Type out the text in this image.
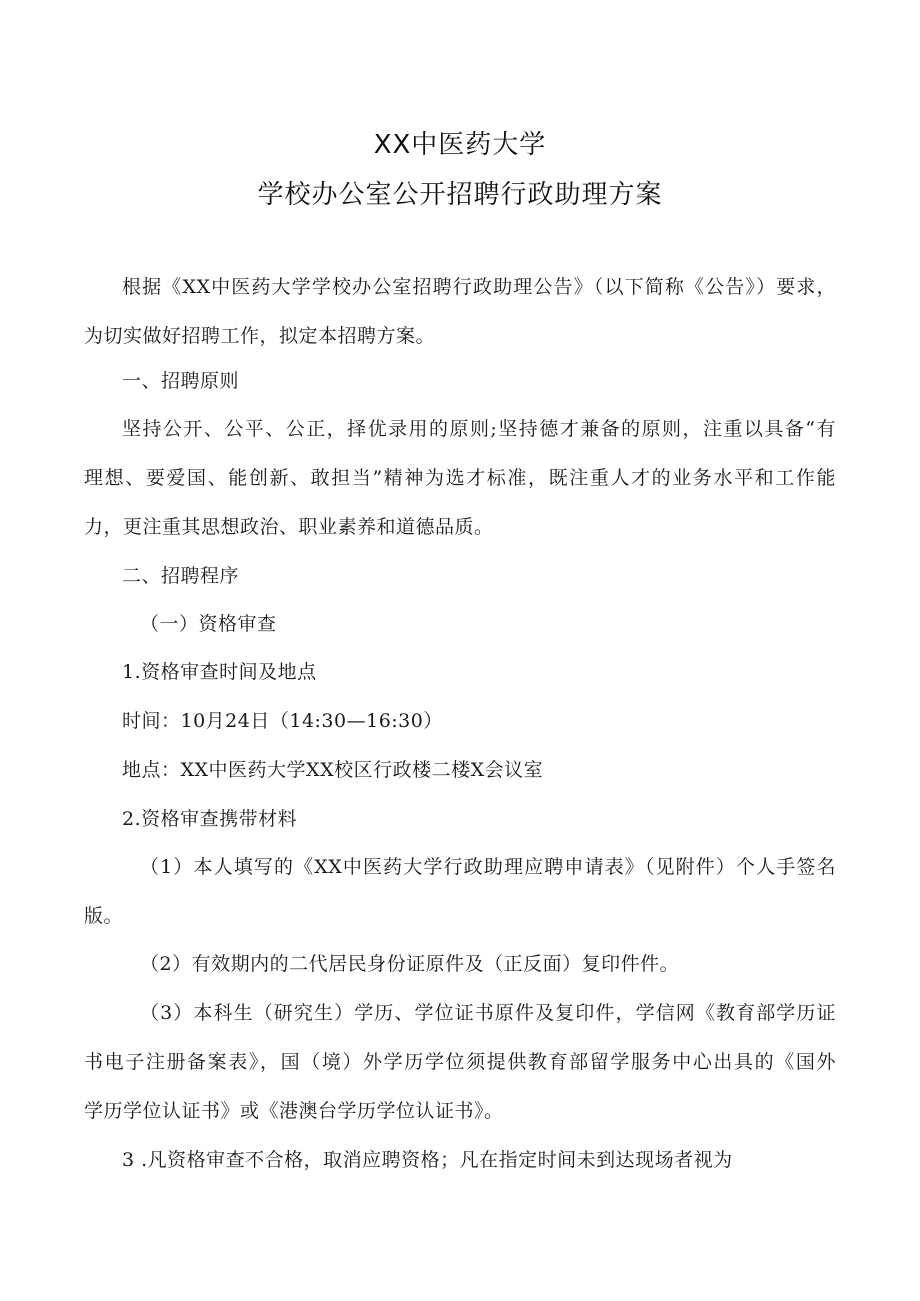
XX中医药大学
学校办公室公开招聘行政助理方案
根据《XX中医药大学学校办公室招聘行政助理公告》（以下简称《公告》）要求，
为切实做好招聘工作，拟定本招聘方案。
一、招聘原则
坚持公开、公平、公正，择优录用的原则;坚持德才兼备的原则，注重以具备“有
理想、要爱国、能创新、敢担当”精神为选才标准，既注重人才的业务水平和工作能
力，更注重其思想政治、职业素养和道德品质。
二、招聘程序
（一）资格审查
1.资格审查时间及地点
时间：10月24日（14:30—16:30）
地点：XX中医药大学XX校区行政楼二楼X会议室
2.资格审查携带材料
（1）本人填写的《XX中医药大学行政助理应聘申请表》（见附件）个人手签名
版。
（2）有效期内的二代居民身份证原件及（正反面）复印件件。
（3）本科生（研究生）学历、学位证书原件及复印件，学信网《教育部学历证
书电子注册备案表》，国（境）外学历学位须提供教育部留学服务中心出具的《国外
学历学位认证书》或《港澳台学历学位认证书》。
3 .凡资格审查不合格，取消应聘资格；凡在指定时间未到达现场者视为
